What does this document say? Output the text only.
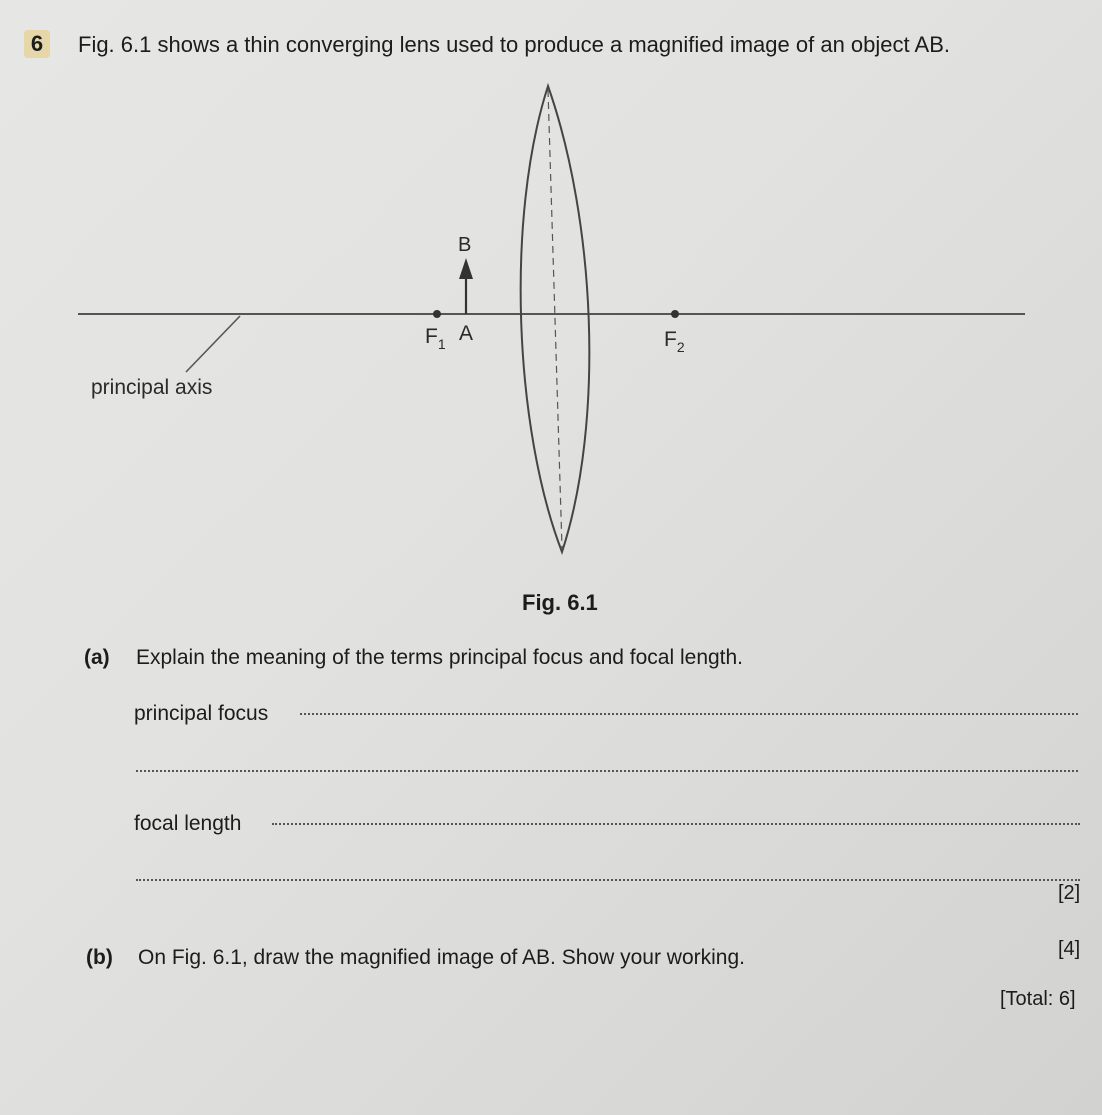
6	Fig. 6.1 shows a thin converging lens used to produce a magnified image of an object AB.
principal axis
$F_1$	$F_2$
B
A
Fig. 6.1
(a) Explain the meaning of the terms principal focus and focal length.
principal focus
focal length
[2]
(b) On Fig. 6.1, draw the magnified image of AB. Show your working.	[4]
[Total: 6]
